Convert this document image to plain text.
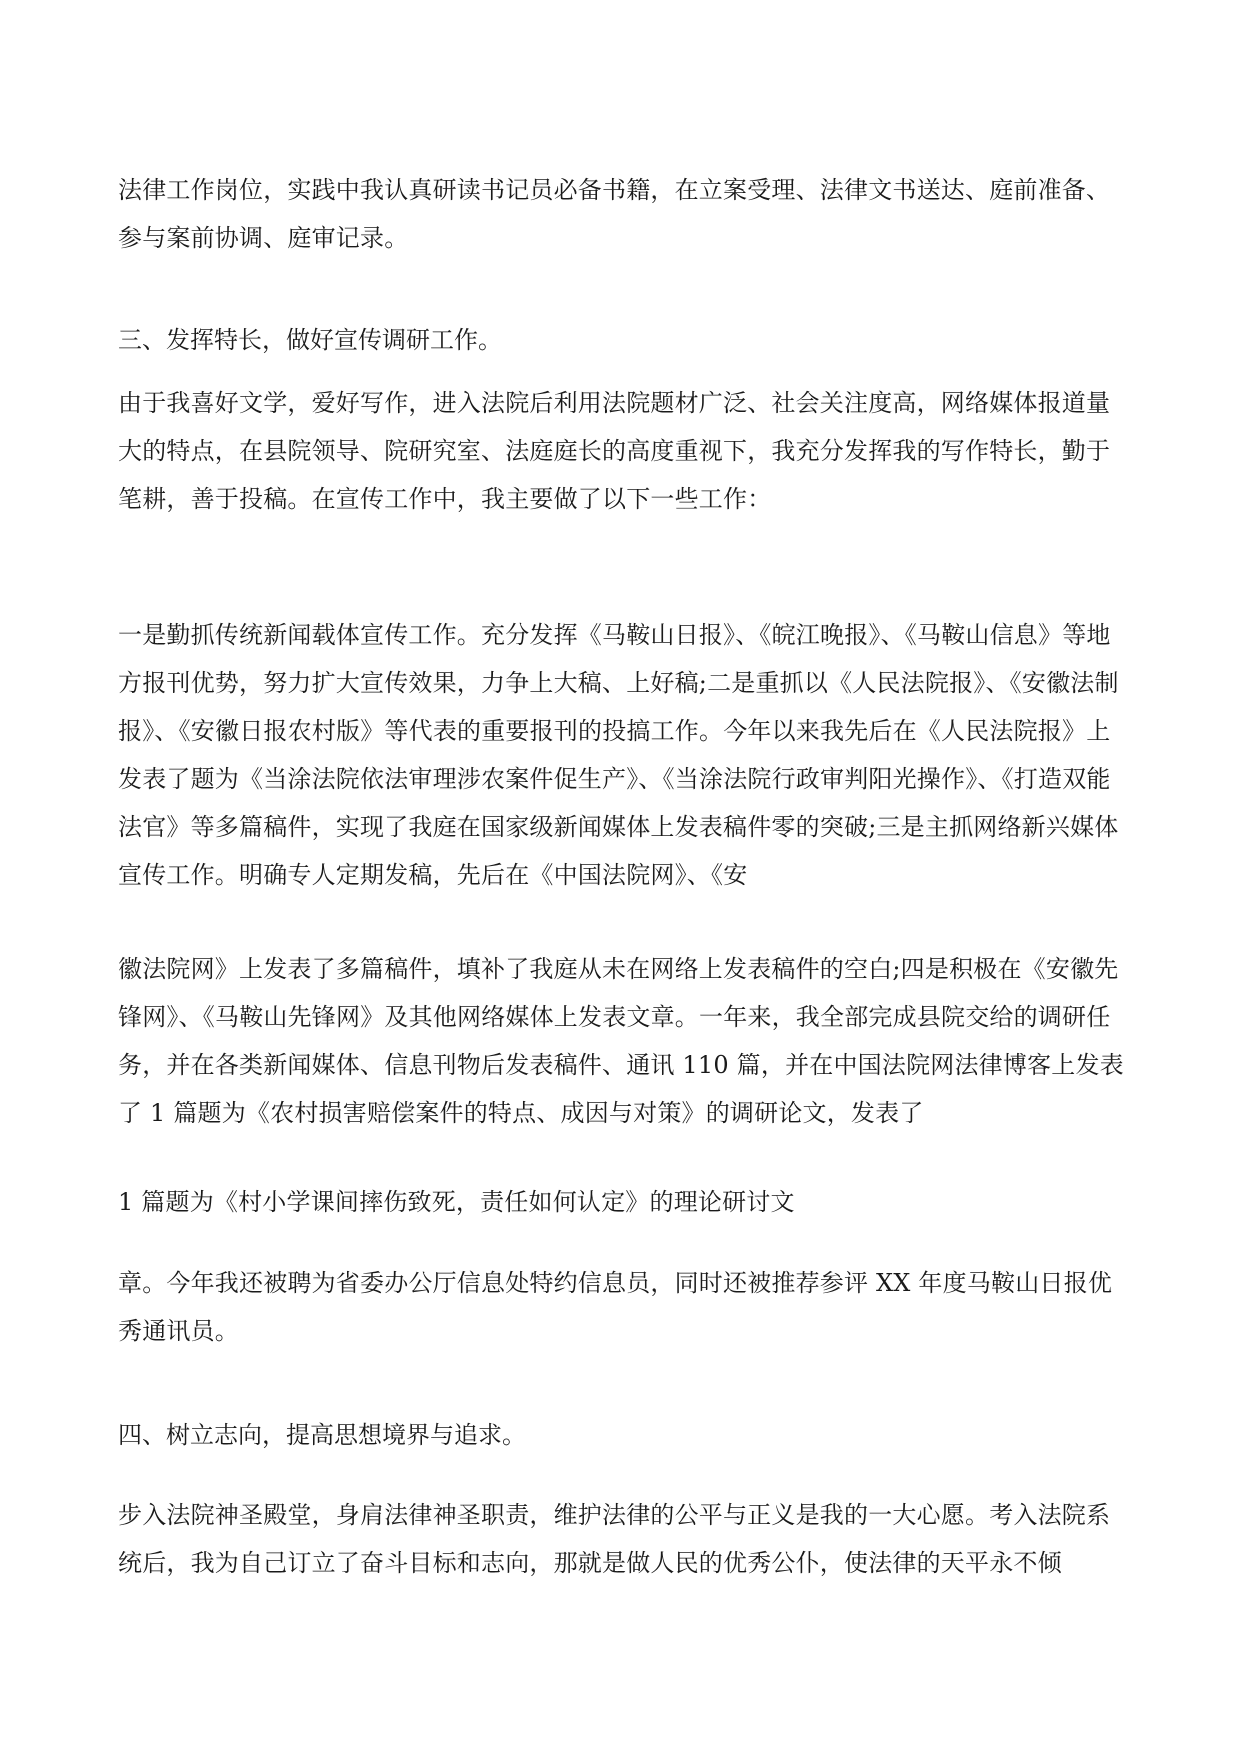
法律工作岗位，实践中我认真研读书记员必备书籍，在立案受理、法律文书送达、庭前准备、参与案前协调、庭审记录。

三、发挥特长，做好宣传调研工作。

由于我喜好文学，爱好写作，进入法院后利用法院题材广泛、社会关注度高，网络媒体报道量大的特点，在县院领导、院研究室、法庭庭长的高度重视下，我充分发挥我的写作特长，勤于笔耕，善于投稿。在宣传工作中，我主要做了以下一些工作：

一是勤抓传统新闻载体宣传工作。充分发挥《马鞍山日报》、《皖江晚报》、《马鞍山信息》等地方报刊优势，努力扩大宣传效果，力争上大稿、上好稿;二是重抓以《人民法院报》、《安徽法制报》、《安徽日报农村版》等代表的重要报刊的投搞工作。今年以来我先后在《人民法院报》上发表了题为《当涂法院依法审理涉农案件促生产》、《当涂法院行政审判阳光操作》、《打造双能法官》等多篇稿件，实现了我庭在国家级新闻媒体上发表稿件零的突破;三是主抓网络新兴媒体宣传工作。明确专人定期发稿，先后在《中国法院网》、《安

徽法院网》上发表了多篇稿件，填补了我庭从未在网络上发表稿件的空白;四是积极在《安徽先锋网》、《马鞍山先锋网》及其他网络媒体上发表文章。一年来，我全部完成县院交给的调研任务，并在各类新闻媒体、信息刊物后发表稿件、通讯 110 篇，并在中国法院网法律博客上发表了 1 篇题为《农村损害赔偿案件的特点、成因与对策》的调研论文，发表了

1 篇题为《村小学课间摔伤致死，责任如何认定》的理论研讨文

章。今年我还被聘为省委办公厅信息处特约信息员，同时还被推荐参评 XX 年度马鞍山日报优秀通讯员。

四、树立志向，提高思想境界与追求。

步入法院神圣殿堂，身肩法律神圣职责，维护法律的公平与正义是我的一大心愿。考入法院系统后，我为自己订立了奋斗目标和志向，那就是做人民的优秀公仆，使法律的天平永不倾
